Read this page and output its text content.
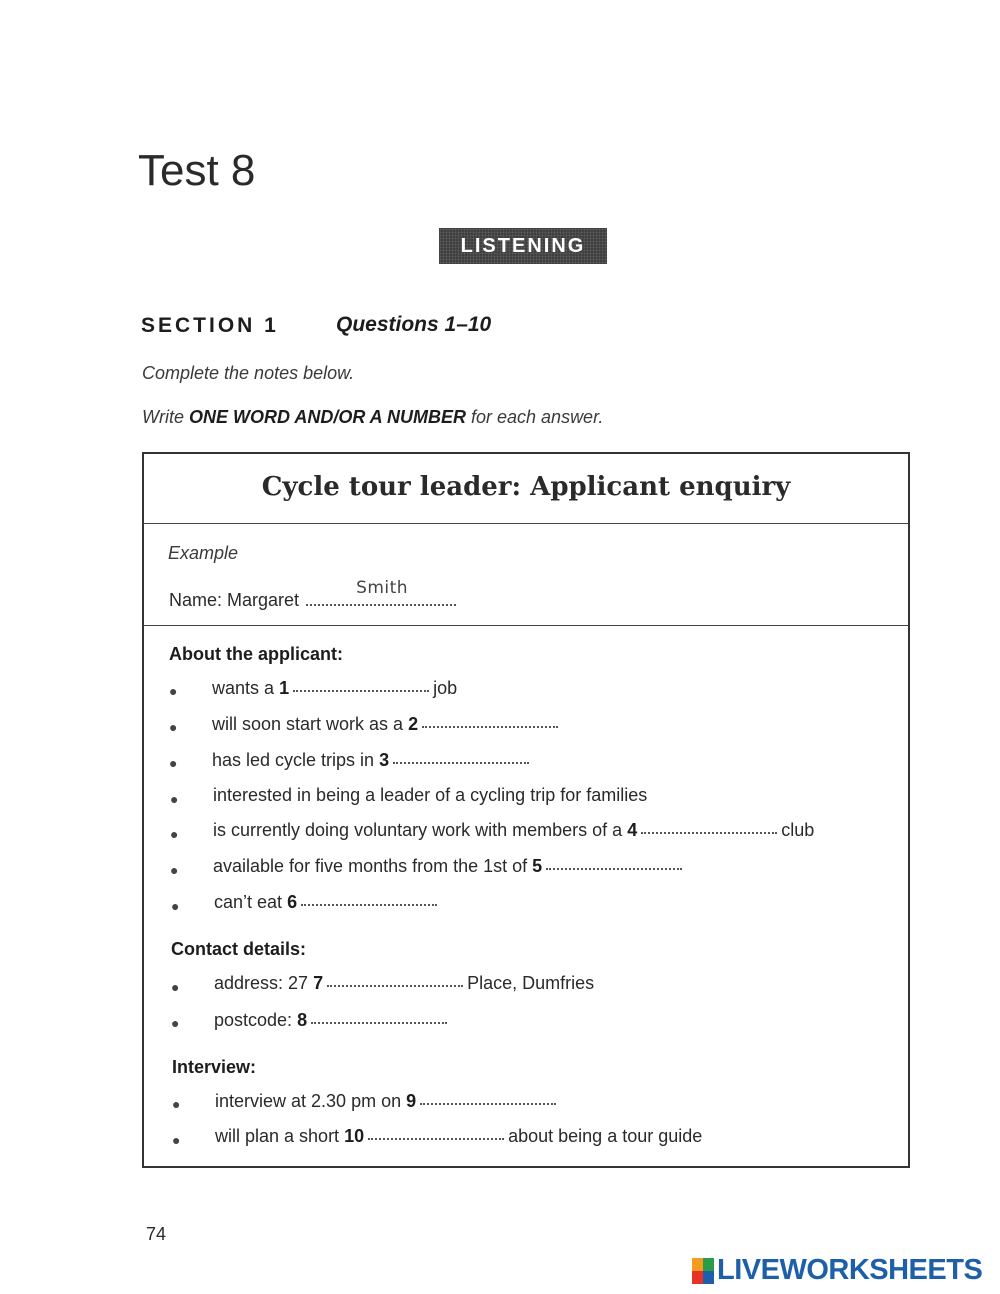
Test 8
LISTENING
SECTION 1	Questions 1–10
Complete the notes below.
Write ONE WORD AND/OR A NUMBER for each answer.
Cycle tour leader: Applicant enquiry
Example
Name: Margaret
Smith
About the applicant:
● wants a 1	job
● will soon start work as a 2
● has led cycle trips in 3
● interested in being a leader of a cycling trip for families
● is currently doing voluntary work with members of a 4	club
● available for five months from the 1st of 5
● can’t eat 6
Contact details:
● address: 27 7	Place, Dumfries
● postcode: 8
Interview:
● interview at 2.30 pm on 9
● will plan a short 10	about being a tour guide
74
LIVEWORKSHEETS
